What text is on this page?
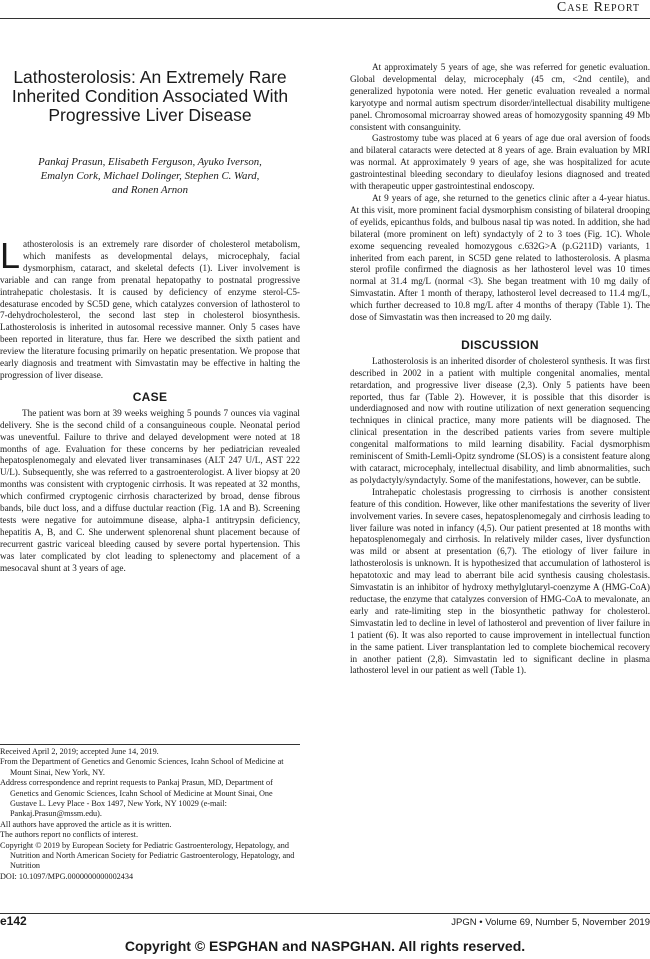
Case Report
Lathosterolosis: An Extremely Rare Inherited Condition Associated With Progressive Liver Disease
Pankaj Prasun, Elisabeth Ferguson, Ayuko Iverson,
Emalyn Cork, Michael Dolinger, Stephen C. Ward,
and Ronen Arnon
L athosterolosis is an extremely rare disorder of cholesterol metabolism, which manifests as developmental delays, microcephaly, facial dysmorphism, cataract, and skeletal defects (1). Liver involvement is variable and can range from prenatal hepatopathy to postnatal progressive intrahepatic cholestasis. It is caused by deficiency of enzyme sterol-C5- desaturase encoded by SC5D gene, which catalyzes conversion of lathosterol to 7-dehydrocholesterol, the second last step in cholesterol biosynthesis. Lathosterolosis is inherited in autosomal recessive manner. Only 5 cases have been reported in literature, thus far. Here we described the sixth patient and review the literature focusing primarily on hepatic presentation. We propose that early diagnosis and treatment with Simvastatin may be effective in halting the progression of liver disease.

CASE

The patient was born at 39 weeks weighing 5 pounds 7 ounces via vaginal delivery. She is the second child of a consanguineous couple. Neonatal period was uneventful. Failure to thrive and delayed development were noted at 18 months of age. Evaluation for these concerns by her pediatrician revealed hepatosplenomegaly and elevated liver transaminases (ALT 247 U/L, AST 222 U/L). Subsequently, she was referred to a gastroenterologist. A liver biopsy at 20 months was consistent with cryptogenic cirrhosis. It was repeated at 32 months, which confirmed cryptogenic cirrhosis characterized by broad, dense fibrous bands, bile duct loss, and a diffuse ductular reaction (Fig. 1A and B). Screening tests were negative for autoimmune disease, alpha-1 antitrypsin deficiency, hepatitis A, B, and C. She underwent splenorenal shunt placement because of recurrent gastric variceal bleeding caused by severe portal hypertension. This was later complicated by clot leading to splenectomy and placement of a mesocaval shunt at 3 years of age.

Received April 2, 2019; accepted June 14, 2019.
From the Department of Genetics and Genomic Sciences, Icahn School of Medicine at Mount Sinai, New York, NY.
Address correspondence and reprint requests to Pankaj Prasun, MD, Department of Genetics and Genomic Sciences, Icahn School of Medicine at Mount Sinai, One Gustave L. Levy Place - Box 1497, New York, NY 10029 (e-mail: Pankaj.Prasun@mssm.edu).
All authors have approved the article as it is written.
The authors report no conflicts of interest.
Copyright © 2019 by European Society for Pediatric Gastroenterology, Hepatology, and Nutrition and North American Society for Pediatric Gastroenterology, Hepatology, and Nutrition
DOI: 10.1097/MPG.0000000000002434

At approximately 5 years of age, she was referred for genetic evaluation. Global developmental delay, microcephaly (45 cm, <2nd centile), and generalized hypotonia were noted. Her genetic evaluation revealed a normal karyotype and normal autism spectrum disorder/intellectual disability multigene panel. Chromosomal microarray showed areas of homozygosity spanning 49 Mb consistent with consanguinity.

Gastrostomy tube was placed at 6 years of age due oral aversion of foods and bilateral cataracts were detected at 8 years of age. Brain evaluation by MRI was normal. At approximately 9 years of age, she was hospitalized for acute gastrointestinal bleeding secondary to dieulafoy lesions diagnosed and treated with therapeutic upper gastrointestinal endoscopy.

At 9 years of age, she returned to the genetics clinic after a 4-year hiatus. At this visit, more prominent facial dysmorphism consisting of bilateral drooping of eyelids, epicanthus folds, and bulbous nasal tip was noted. In addition, she had bilateral (more prominent on left) syndactyly of 2 to 3 toes (Fig. 1C). Whole exome sequencing revealed homozygous c.632G>A (p.G211D) variants, 1 inherited from each parent, in SC5D gene related to lathosterolosis. A plasma sterol profile confirmed the diagnosis as her lathosterol level was 10 times normal at 31.4 mg/L (normal <3). She began treatment with 10 mg daily of Simvastatin. After 1 month of therapy, lathosterol level decreased to 11.4 mg/L, which further decreased to 10.8 mg/L after 4 months of therapy (Table 1). The dose of Simvastatin was then increased to 20 mg daily.

DISCUSSION

Lathosterolosis is an inherited disorder of cholesterol synthesis. It was first described in 2002 in a patient with multiple congenital anomalies, mental retardation, and progressive liver disease (2,3). Only 5 patients have been reported, thus far (Table 2). However, it is possible that this disorder is underdiagnosed and now with routine utilization of next generation sequencing techniques in clinical practice, many more patients will be diagnosed. The clinical presentation in the described patients varies from severe multiple congenital malformations to mild learning disability. Facial dysmorphism reminiscent of Smith-Lemli-Opitz syndrome (SLOS) is a consistent feature along with cataract, microcephaly, intellectual disability, and limb abnormalities, such as polydactyly/syndactyly. Some of the manifestations, however, can be subtle.

Intrahepatic cholestasis progressing to cirrhosis is another consistent feature of this condition. However, like other manifestations the severity of liver involvement varies. In severe cases, hepatosplenomegaly and cirrhosis leading to liver failure was noted in infancy (4,5). Our patient presented at 18 months with hepatosplenomegaly and cirrhosis. In relatively milder cases, liver dysfunction was mild or absent at presentation (6,7). The etiology of liver failure in lathosterolosis is unknown. It is hypothesized that accumulation of lathosterol is hepatotoxic and may lead to aberrant bile acid synthesis causing cholestasis. Simvastatin is an inhibitor of hydroxy methylglutaryl-coenzyme A (HMG-CoA) reductase, the enzyme that catalyzes conversion of HMG-CoA to mevalonate, an early and rate-limiting step in the biosynthetic pathway for cholesterol. Simvastatin led to decline in level of lathosterol and prevention of liver failure in 1 patient (6). It was also reported to cause improvement in intellectual function in the same patient. Liver transplantation led to complete biochemical recovery in another patient (2,8). Simvastatin led to significant decline in plasma lathosterol level in our patient as well (Table 1).

e142	JPGN • Volume 69, Number 5, November 2019
Copyright © ESPGHAN and NASPGHAN. All rights reserved.
